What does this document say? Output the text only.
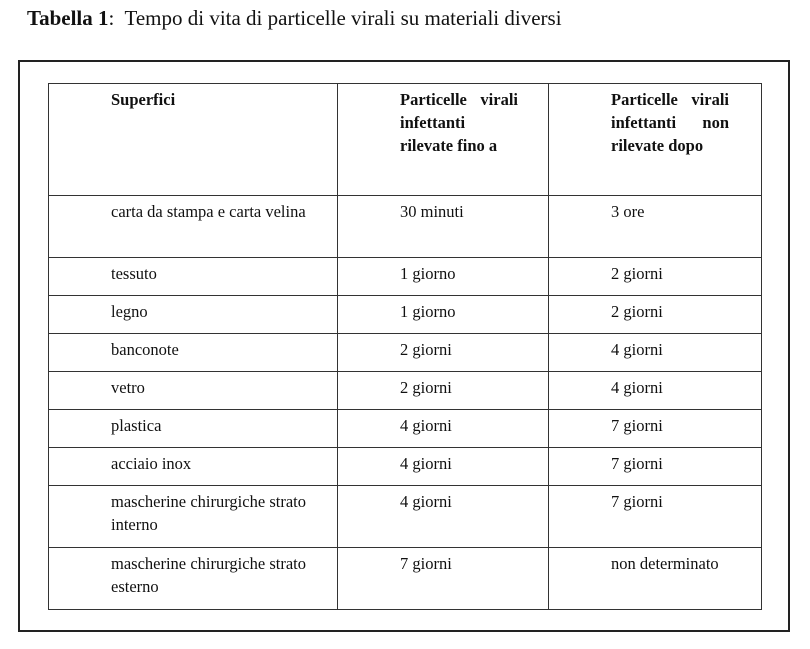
Tabella 1: Tempo di vita di particelle virali su materiali diversi
Superfici	Particelle virali infettanti rilevate fino a	Particelle virali infettanti non rilevate dopo

carta da stampa e carta velina	30 minuti	3 ore

tessuto	1 giorno	2 giorni

legno	1 giorno	2 giorni

banconote	2 giorni	4 giorni

vetro	2 giorni	4 giorni

plastica	4 giorni	7 giorni

acciaio inox	4 giorni	7 giorni

mascherine chirurgiche strato interno	4 giorni	7 giorni

mascherine chirurgiche strato esterno	7 giorni	non determinato
